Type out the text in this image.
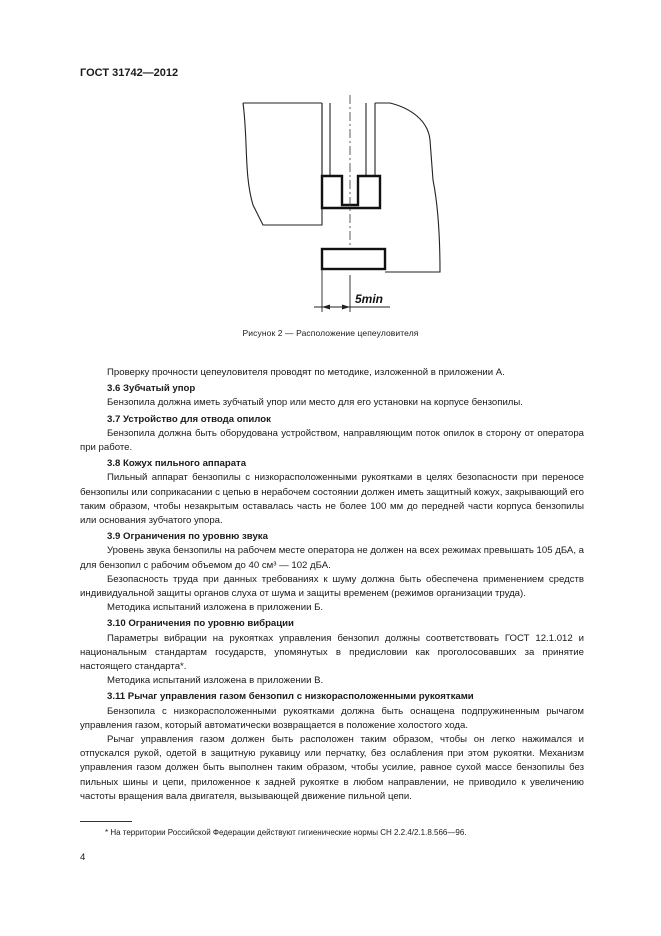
ГОСТ 31742—2012
5min
Рисунок 2 — Расположение цепеуловителя

Проверку прочности цепеуловителя проводят по методике, изложенной в приложении А.

3.6 Зубчатый упор

Бензопила должна иметь зубчатый упор или место для его установки на корпусе бензопилы.

3.7 Устройство для отвода опилок

Бензопила должна быть оборудована устройством, направляющим поток опилок в сторону от оператора при работе.

3.8 Кожух пильного аппарата

Пильный аппарат бензопилы с низкорасположенными рукоятками в целях безопасности при переносе бензопилы или соприкасании с цепью в нерабочем состоянии должен иметь защитный кожух, закрывающий его таким образом, чтобы незакрытым оставалась часть не более 100 мм до передней части корпуса бензопилы или основания зубчатого упора.

3.9 Ограничения по уровню звука

Уровень звука бензопилы на рабочем месте оператора не должен на всех режимах превышать 105 дБА, а для бензопил с рабочим объемом до 40 см³ — 102 дБА.

Безопасность труда при данных требованиях к шуму должна быть обеспечена применением средств индивидуальной защиты органов слуха от шума и защиты временем (режимов организации труда).

Методика испытаний изложена в приложении Б.

3.10 Ограничения по уровню вибрации

Параметры вибрации на рукоятках управления бензопил должны соответствовать ГОСТ 12.1.012 и национальным стандартам государств, упомянутых в предисловии как проголосовавших за принятие настоящего стандарта*.

Методика испытаний изложена в приложении В.

3.11 Рычаг управления газом бензопил с низкорасположенными рукоятками

Бензопила с низкорасположенными рукоятками должна быть оснащена подпружиненным рычагом управления газом, который автоматически возвращается в положение холостого хода.

Рычаг управления газом должен быть расположен таким образом, чтобы он легко нажимался и отпускался рукой, одетой в защитную рукавицу или перчатку, без ослабления при этом рукоятки. Механизм управления газом должен быть выполнен таким образом, чтобы усилие, равное сухой массе бензопилы без пильных шины и цепи, приложенное к задней рукоятке в любом направлении, не приводило к увеличению частоты вращения вала двигателя, вызывающей движение пильной цепи.

* На территории Российской Федерации действуют гигиенические нормы СН 2.2.4/2.1.8.566—96.
4
